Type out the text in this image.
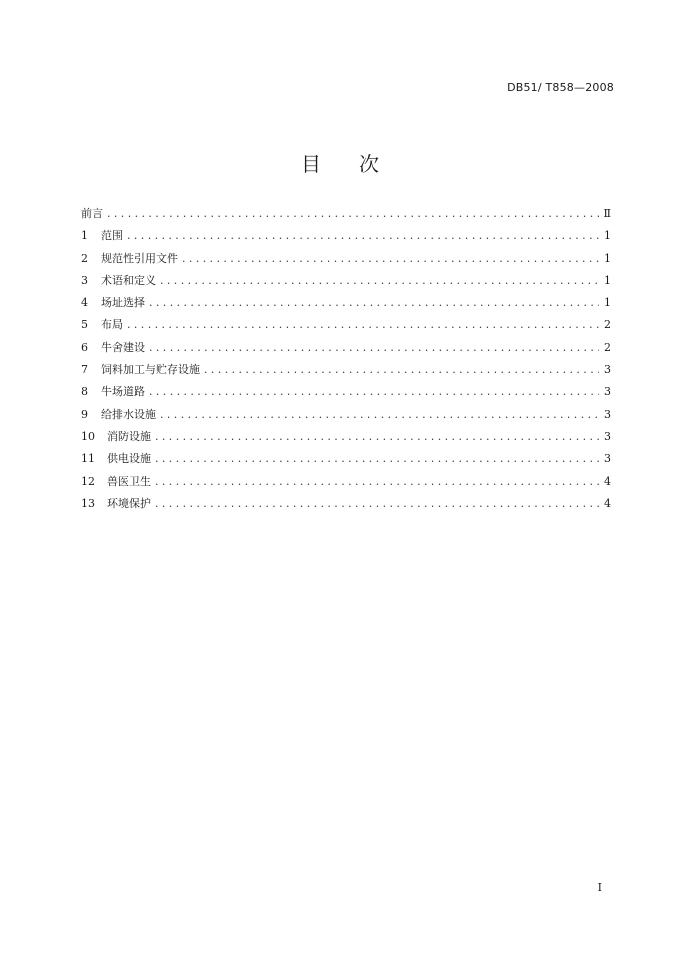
DB51/ T858—2008
目次
前言 .....	Ⅱ
1	范围 .....	1
2	规范性引用文件 .....	1
3	术语和定义 .....	1
4	场址选择 .....	1
5	布局 .....	2
6	牛舍建设 .....	2
7	饲料加工与贮存设施 .....	3
8	牛场道路 .....	3
9	给排水设施 .....	3
10	消防设施 .....	3
11	供电设施 .....	3
12	兽医卫生 .....	4
13	环境保护 .....	4
I
